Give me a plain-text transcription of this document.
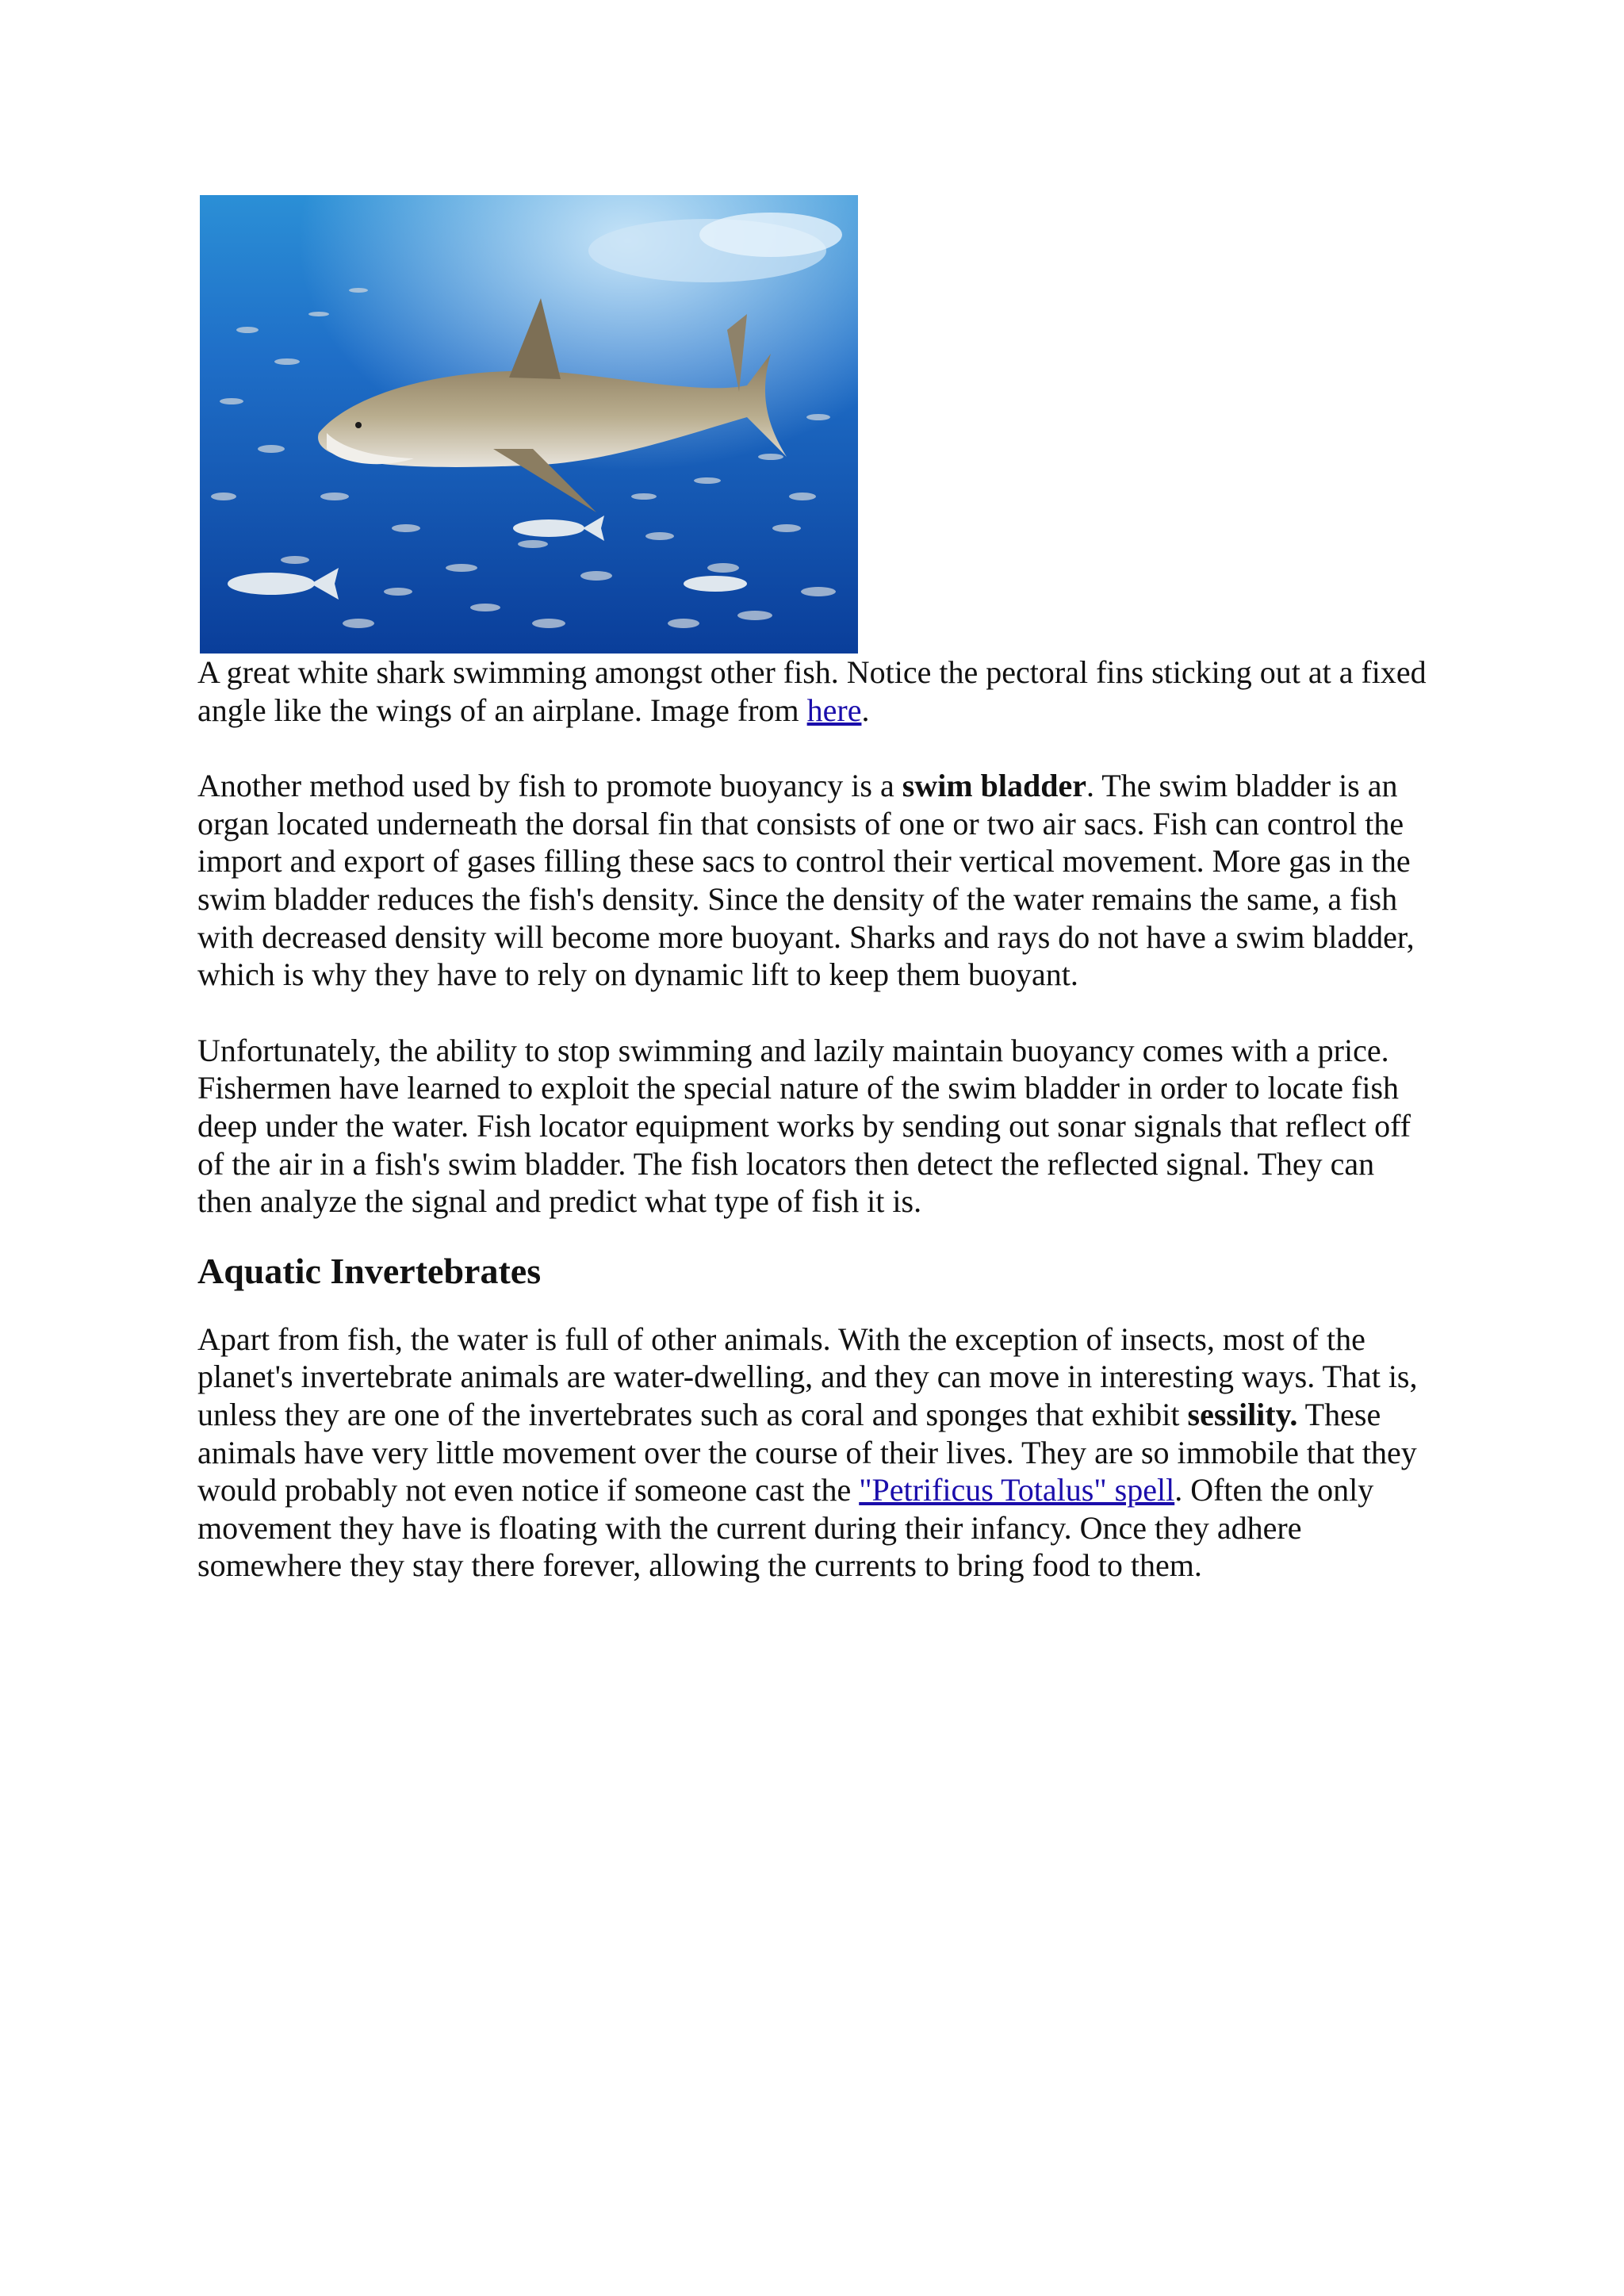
A great white shark swimming amongst other fish. Notice the pectoral fins sticking out at a fixed angle like the wings of an airplane. Image from here.

Another method used by fish to promote buoyancy is a swim bladder. The swim bladder is an organ located underneath the dorsal fin that consists of one or two air sacs. Fish can control the import and export of gases filling these sacs to control their vertical movement. More gas in the swim bladder reduces the fish's density. Since the density of the water remains the same, a fish with decreased density will become more buoyant. Sharks and rays do not have a swim bladder, which is why they have to rely on dynamic lift to keep them buoyant.

Unfortunately, the ability to stop swimming and lazily maintain buoyancy comes with a price. Fishermen have learned to exploit the special nature of the swim bladder in order to locate fish deep under the water. Fish locator equipment works by sending out sonar signals that reflect off of the air in a fish's swim bladder. The fish locators then detect the reflected signal. They can then analyze the signal and predict what type of fish it is.

Aquatic Invertebrates

Apart from fish, the water is full of other animals. With the exception of insects, most of the planet's invertebrate animals are water-dwelling, and they can move in interesting ways. That is, unless they are one of the invertebrates such as coral and sponges that exhibit sessility. These animals have very little movement over the course of their lives. They are so immobile that they would probably not even notice if someone cast the "Petrificus Totalus" spell. Often the only movement they have is floating with the current during their infancy. Once they adhere somewhere they stay there forever, allowing the currents to bring food to them.
